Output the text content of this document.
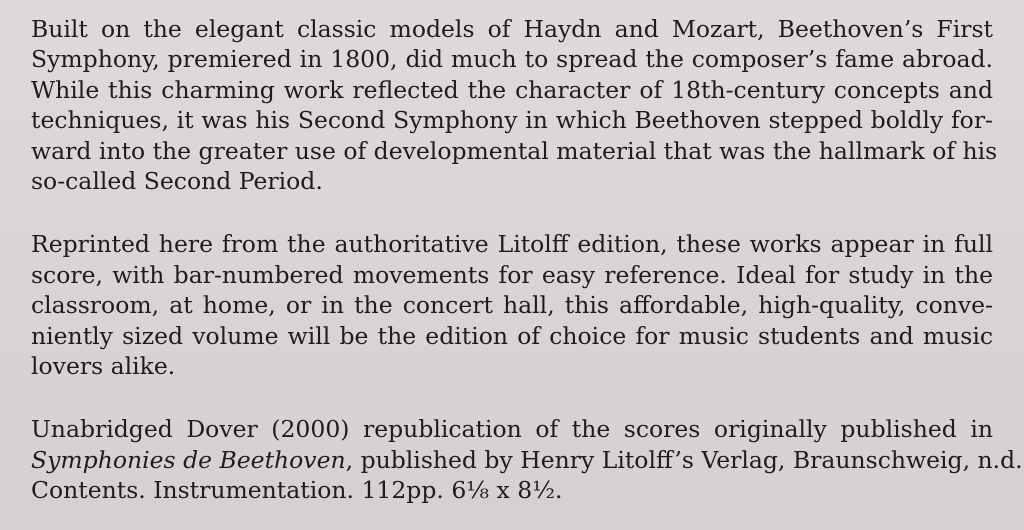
Built on the elegant classic models of Haydn and Mozart, Beethoven’s First
Symphony, premiered in 1800, did much to spread the composer’s fame abroad.
While this charming work reflected the character of 18th-century concepts and
techniques, it was his Second Symphony in which Beethoven stepped boldly for-
ward into the greater use of developmental material that was the hallmark of his
so-called Second Period.
Reprinted here from the authoritative Litolff edition, these works appear in full
score, with bar-numbered movements for easy reference. Ideal for study in the
classroom, at home, or in the concert hall, this affordable, high-quality, conve-
niently sized volume will be the edition of choice for music students and music
lovers alike.
Unabridged Dover (2000) republication of the scores originally published in
Symphonies de Beethoven, published by Henry Litolff’s Verlag, Braunschweig, n.d.
Contents. Instrumentation. 112pp. 6⅛ x 8½.
